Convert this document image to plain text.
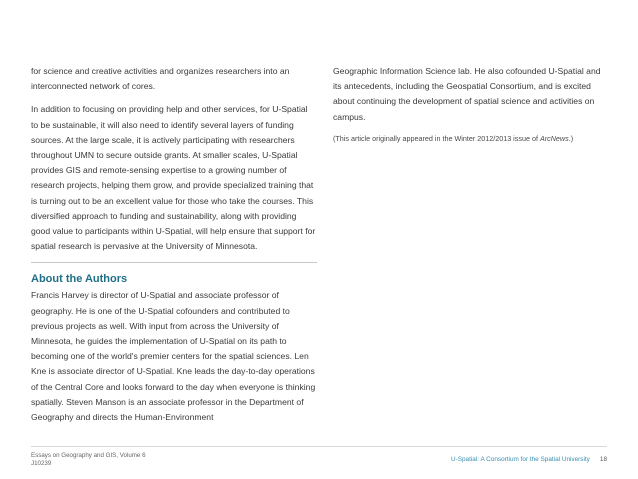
for science and creative activities and organizes researchers into an interconnected network of cores.

In addition to focusing on providing help and other services, for U-Spatial to be sustainable, it will also need to identify several layers of funding sources. At the large scale, it is actively participating with researchers throughout UMN to secure outside grants. At smaller scales, U-Spatial provides GIS and remote-sensing expertise to a growing number of research projects, helping them grow, and provide specialized training that is turning out to be an excellent value for those who take the courses. This diversified approach to funding and sustainability, along with providing good value to participants within U-Spatial, will help ensure that support for spatial research is pervasive at the University of Minnesota.

About the Authors

Francis Harvey is director of U-Spatial and associate professor of geography. He is one of the U-Spatial cofounders and contributed to previous projects as well. With input from across the University of Minnesota, he guides the implementation of U-Spatial on its path to becoming one of the world's premier centers for the spatial sciences. Len Kne is associate director of U-Spatial. Kne leads the day-to-day operations of the Central Core and looks forward to the day when everyone is thinking spatially. Steven Manson is an associate professor in the Department of Geography and directs the Human-Environment

Geographic Information Science lab. He also cofounded U-Spatial and its antecedents, including the Geospatial Consortium, and is excited about continuing the development of spatial science and activities on campus.

(This article originally appeared in the Winter 2012/2013 issue of ArcNews.)

Essays on Geography and GIS, Volume 6
J10239
U-Spatial: A Consortium for the Spatial University 18
